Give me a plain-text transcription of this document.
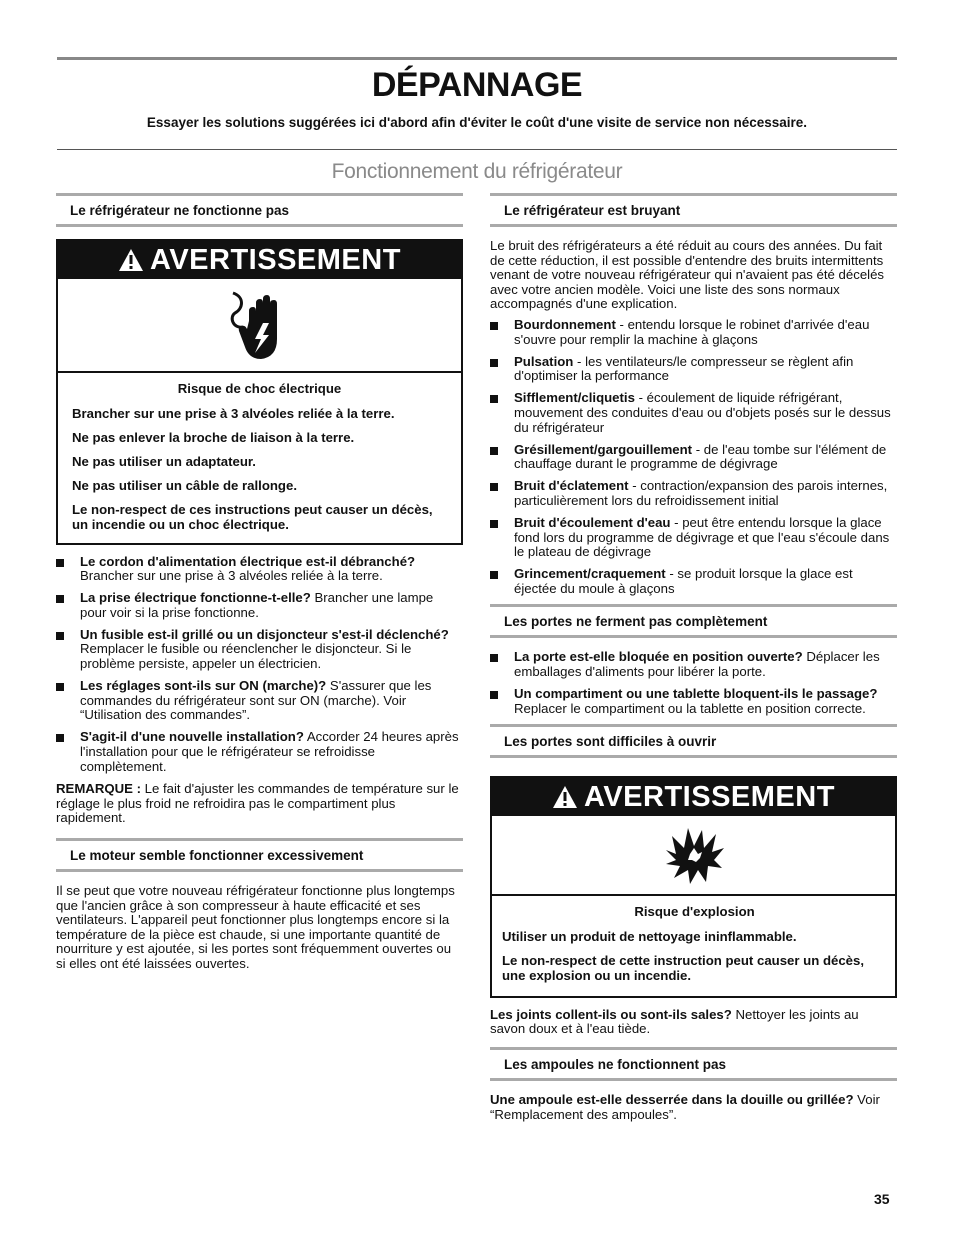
DÉPANNAGE
Essayer les solutions suggérées ici d'abord afin d'éviter le coût d'une visite de service non nécessaire.
Fonctionnement du réfrigérateur
Le réfrigérateur ne fonctionne pas
AVERTISSEMENT
Risque de choc électrique

Brancher sur une prise à 3 alvéoles reliée à la terre.

Ne pas enlever la broche de liaison à la terre.

Ne pas utiliser un adaptateur.

Ne pas utiliser un câble de rallonge.

Le non-respect de ces instructions peut causer un décès, un incendie ou un choc électrique.

Le cordon d'alimentation électrique est-il débranché? Brancher sur une prise à 3 alvéoles reliée à la terre.
La prise électrique fonctionne-t-elle? Brancher une lampe pour voir si la prise fonctionne.
Un fusible est-il grillé ou un disjoncteur s'est-il déclenché? Remplacer le fusible ou réenclencher le disjoncteur. Si le problème persiste, appeler un électricien.
Les réglages sont-ils sur ON (marche)? S'assurer que les commandes du réfrigérateur sont sur ON (marche). Voir “Utilisation des commandes”.
S'agit-il d'une nouvelle installation? Accorder 24 heures après l'installation pour que le réfrigérateur se refroidisse complètement.

REMARQUE : Le fait d'ajuster les commandes de température sur le réglage le plus froid ne refroidira pas le compartiment plus rapidement.

Le moteur semble fonctionner excessivement

Il se peut que votre nouveau réfrigérateur fonctionne plus longtemps que l'ancien grâce à son compresseur à haute efficacité et ses ventilateurs. L'appareil peut fonctionner plus longtemps encore si la température de la pièce est chaude, si une importante quantité de nourriture y est ajoutée, si les portes sont fréquemment ouvertes ou si elles ont été laissées ouvertes.

Le réfrigérateur est bruyant

Le bruit des réfrigérateurs a été réduit au cours des années. Du fait de cette réduction, il est possible d'entendre des bruits intermittents venant de votre nouveau réfrigérateur qui n'avaient pas été décelés avec votre ancien modèle. Voici une liste des sons normaux accompagnés d'une explication.

Bourdonnement - entendu lorsque le robinet d'arrivée d'eau s'ouvre pour remplir la machine à glaçons
Pulsation - les ventilateurs/le compresseur se règlent afin d'optimiser la performance
Sifflement/cliquetis - écoulement de liquide réfrigérant, mouvement des conduites d'eau ou d'objets posés sur le dessus du réfrigérateur
Grésillement/gargouillement - de l'eau tombe sur l'élément de chauffage durant le programme de dégivrage
Bruit d'éclatement - contraction/expansion des parois internes, particulièrement lors du refroidissement initial
Bruit d'écoulement d'eau - peut être entendu lorsque la glace fond lors du programme de dégivrage et que l'eau s'écoule dans le plateau de dégivrage
Grincement/craquement - se produit lorsque la glace est éjectée du moule à glaçons
Les portes ne ferment pas complètement
La porte est-elle bloquée en position ouverte? Déplacer les emballages d'aliments pour libérer la porte.
Un compartiment ou une tablette bloquent-ils le passage? Replacer le compartiment ou la tablette en position correcte.
Les portes sont difficiles à ouvrir
AVERTISSEMENT
Risque d'explosion

Utiliser un produit de nettoyage ininflammable.

Le non-respect de cette instruction peut causer un décès, une explosion ou un incendie.

Les joints collent-ils ou sont-ils sales? Nettoyer les joints au savon doux et à l'eau tiède.

Les ampoules ne fonctionnent pas

Une ampoule est-elle desserrée dans la douille ou grillée? Voir “Remplacement des ampoules”.

35
